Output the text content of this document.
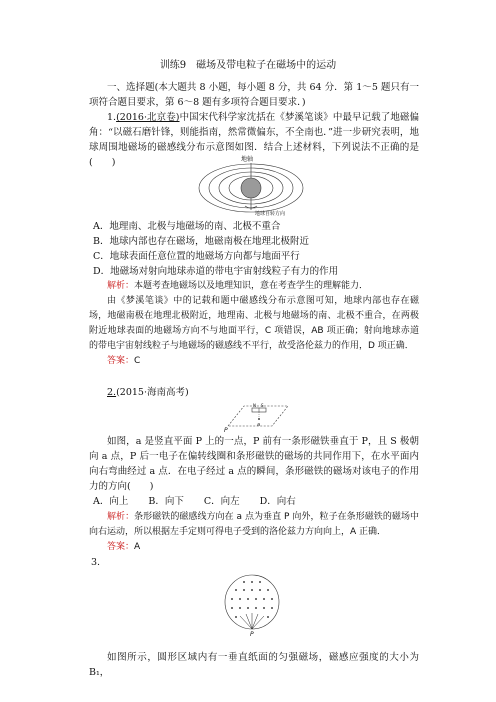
训练9　磁场及带电粒子在磁场中的运动

一、选择题(本大题共 8 小题，每小题 8 分，共 64 分．第 1～5 题只有一项符合题目要求，第 6～8 题有多项符合题目要求．)

1.(2016·北京卷)中国宋代科学家沈括在《梦溪笔谈》中最早记载了地磁偏角：“以磁石磨针锋，则能指南，然常微偏东，不全南也．”进一步研究表明，地球周围地磁场的磁感线分布示意图如图．结合上述材料，下列说法不正确的是(　　)	地轴
地球自转方向

A．地理南、北极与地磁场的南、北极不重合

B．地球内部也存在磁场，地磁南极在地理北极附近

C．地球表面任意位置的地磁场方向都与地面平行

D．地磁场对射向地球赤道的带电宇宙射线粒子有力的作用

解析：本题考查地磁场以及地理知识，意在考查学生的理解能力．

由《梦溪笔谈》中的记载和题中磁感线分布示意图可知，地球内部也存在磁场，地磁南极在地理北极附近，地理南、北极与地磁场的南、北极不重合，在两极附近地球表面的地磁场方向不与地面平行，C 项错误，AB 项正确；射向地球赤道的带电宇宙射线粒子与地磁场的磁感线不平行，故受洛伦兹力的作用，D 项正确．

答案：C

2.(2015·海南高考)

N S
a
P

如图，a 是竖直平面 P 上的一点，P 前有一条形磁铁垂直于 P，且 S 极朝向 a 点，P 后一电子在偏转线圈和条形磁铁的磁场的共同作用下，在水平面内向右弯曲经过 a 点．在电子经过 a 点的瞬间，条形磁铁的磁场对该电子的作用力的方向(　　)

A．向上 B．向下 C．向左 D．向右

解析：条形磁铁的磁感线方向在 a 点为垂直 P 向外，粒子在条形磁铁的磁场中向右运动，所以根据左手定则可得电子受到的洛伦兹力方向向上，A 正确．

答案：A

3.

P

如图所示，圆形区域内有一垂直纸面的匀强磁场，磁感应强度的大小为 B₁，
